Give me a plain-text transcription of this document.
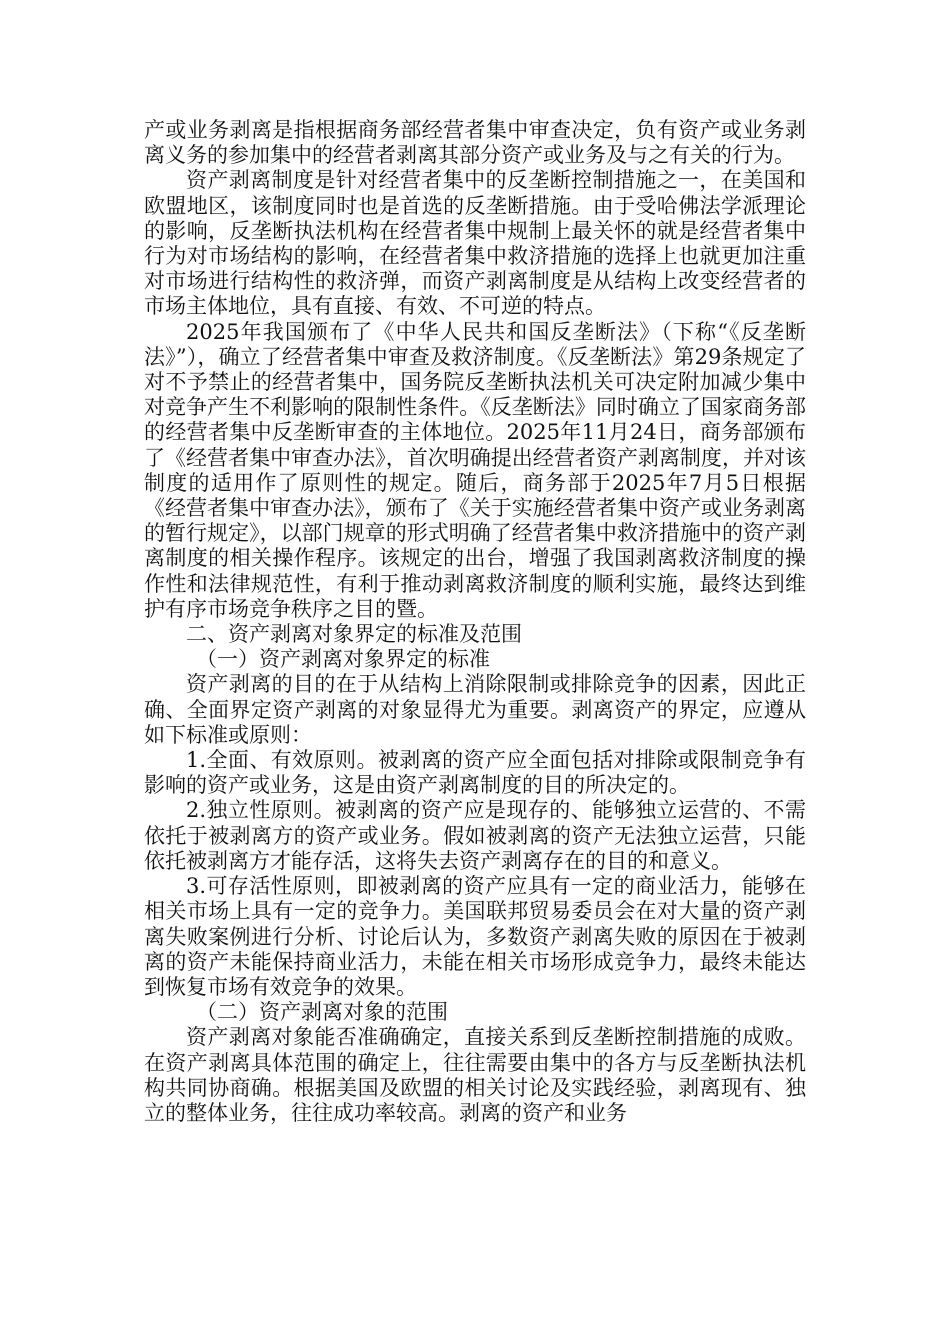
产或业务剥离是指根据商务部经营者集中审查决定，负有资产或业务剥离义务的参加集中的经营者剥离其部分资产或业务及与之有关的行为。

资产剥离制度是针对经营者集中的反垄断控制措施之一，在美国和欧盟地区，该制度同时也是首选的反垄断措施。由于受哈佛法学派理论的影响，反垄断执法机构在经营者集中规制上最关怀的就是经营者集中行为对市场结构的影响，在经营者集中救济措施的选择上也就更加注重对市场进行结构性的救济弹，而资产剥离制度是从结构上改变经营者的市场主体地位，具有直接、有效、不可逆的特点。

2025年我国颁布了《中华人民共和国反垄断法》（下称“《反垄断法》”），确立了经营者集中审查及救济制度。《反垄断法》第29条规定了对不予禁止的经营者集中，国务院反垄断执法机关可决定附加减少集中对竞争产生不利影响的限制性条件。《反垄断法》同时确立了国家商务部的经营者集中反垄断审查的主体地位。2025年11月24日，商务部颁布了《经营者集中审查办法》，首次明确提出经营者资产剥离制度，并对该制度的适用作了原则性的规定。随后，商务部于2025年7月5日根据《经营者集中审查办法》，颁布了《关于实施经营者集中资产或业务剥离的暂行规定》，以部门规章的形式明确了经营者集中救济措施中的资产剥离制度的相关操作程序。该规定的出台，增强了我国剥离救济制度的操作性和法律规范性，有利于推动剥离救济制度的顺利实施，最终达到维护有序市场竞争秩序之目的暨。

二、资产剥离对象界定的标准及范围

（一）资产剥离对象界定的标准

资产剥离的目的在于从结构上消除限制或排除竞争的因素，因此正确、全面界定资产剥离的对象显得尤为重要。剥离资产的界定，应遵从如下标准或原则：

1.全面、有效原则。被剥离的资产应全面包括对排除或限制竞争有影响的资产或业务，这是由资产剥离制度的目的所决定的。

2.独立性原则。被剥离的资产应是现存的、能够独立运营的、不需依托于被剥离方的资产或业务。假如被剥离的资产无法独立运营，只能依托被剥离方才能存活，这将失去资产剥离存在的目的和意义。

3.可存活性原则，即被剥离的资产应具有一定的商业活力，能够在相关市场上具有一定的竞争力。美国联邦贸易委员会在对大量的资产剥离失败案例进行分析、讨论后认为，多数资产剥离失败的原因在于被剥离的资产未能保持商业活力，未能在相关市场形成竞争力，最终未能达到恢复市场有效竞争的效果。

（二）资产剥离对象的范围

资产剥离对象能否准确确定，直接关系到反垄断控制措施的成败。在资产剥离具体范围的确定上，往往需要由集中的各方与反垄断执法机构共同协商确。根据美国及欧盟的相关讨论及实践经验，剥离现有、独立的整体业务，往往成功率较高。剥离的资产和业务
